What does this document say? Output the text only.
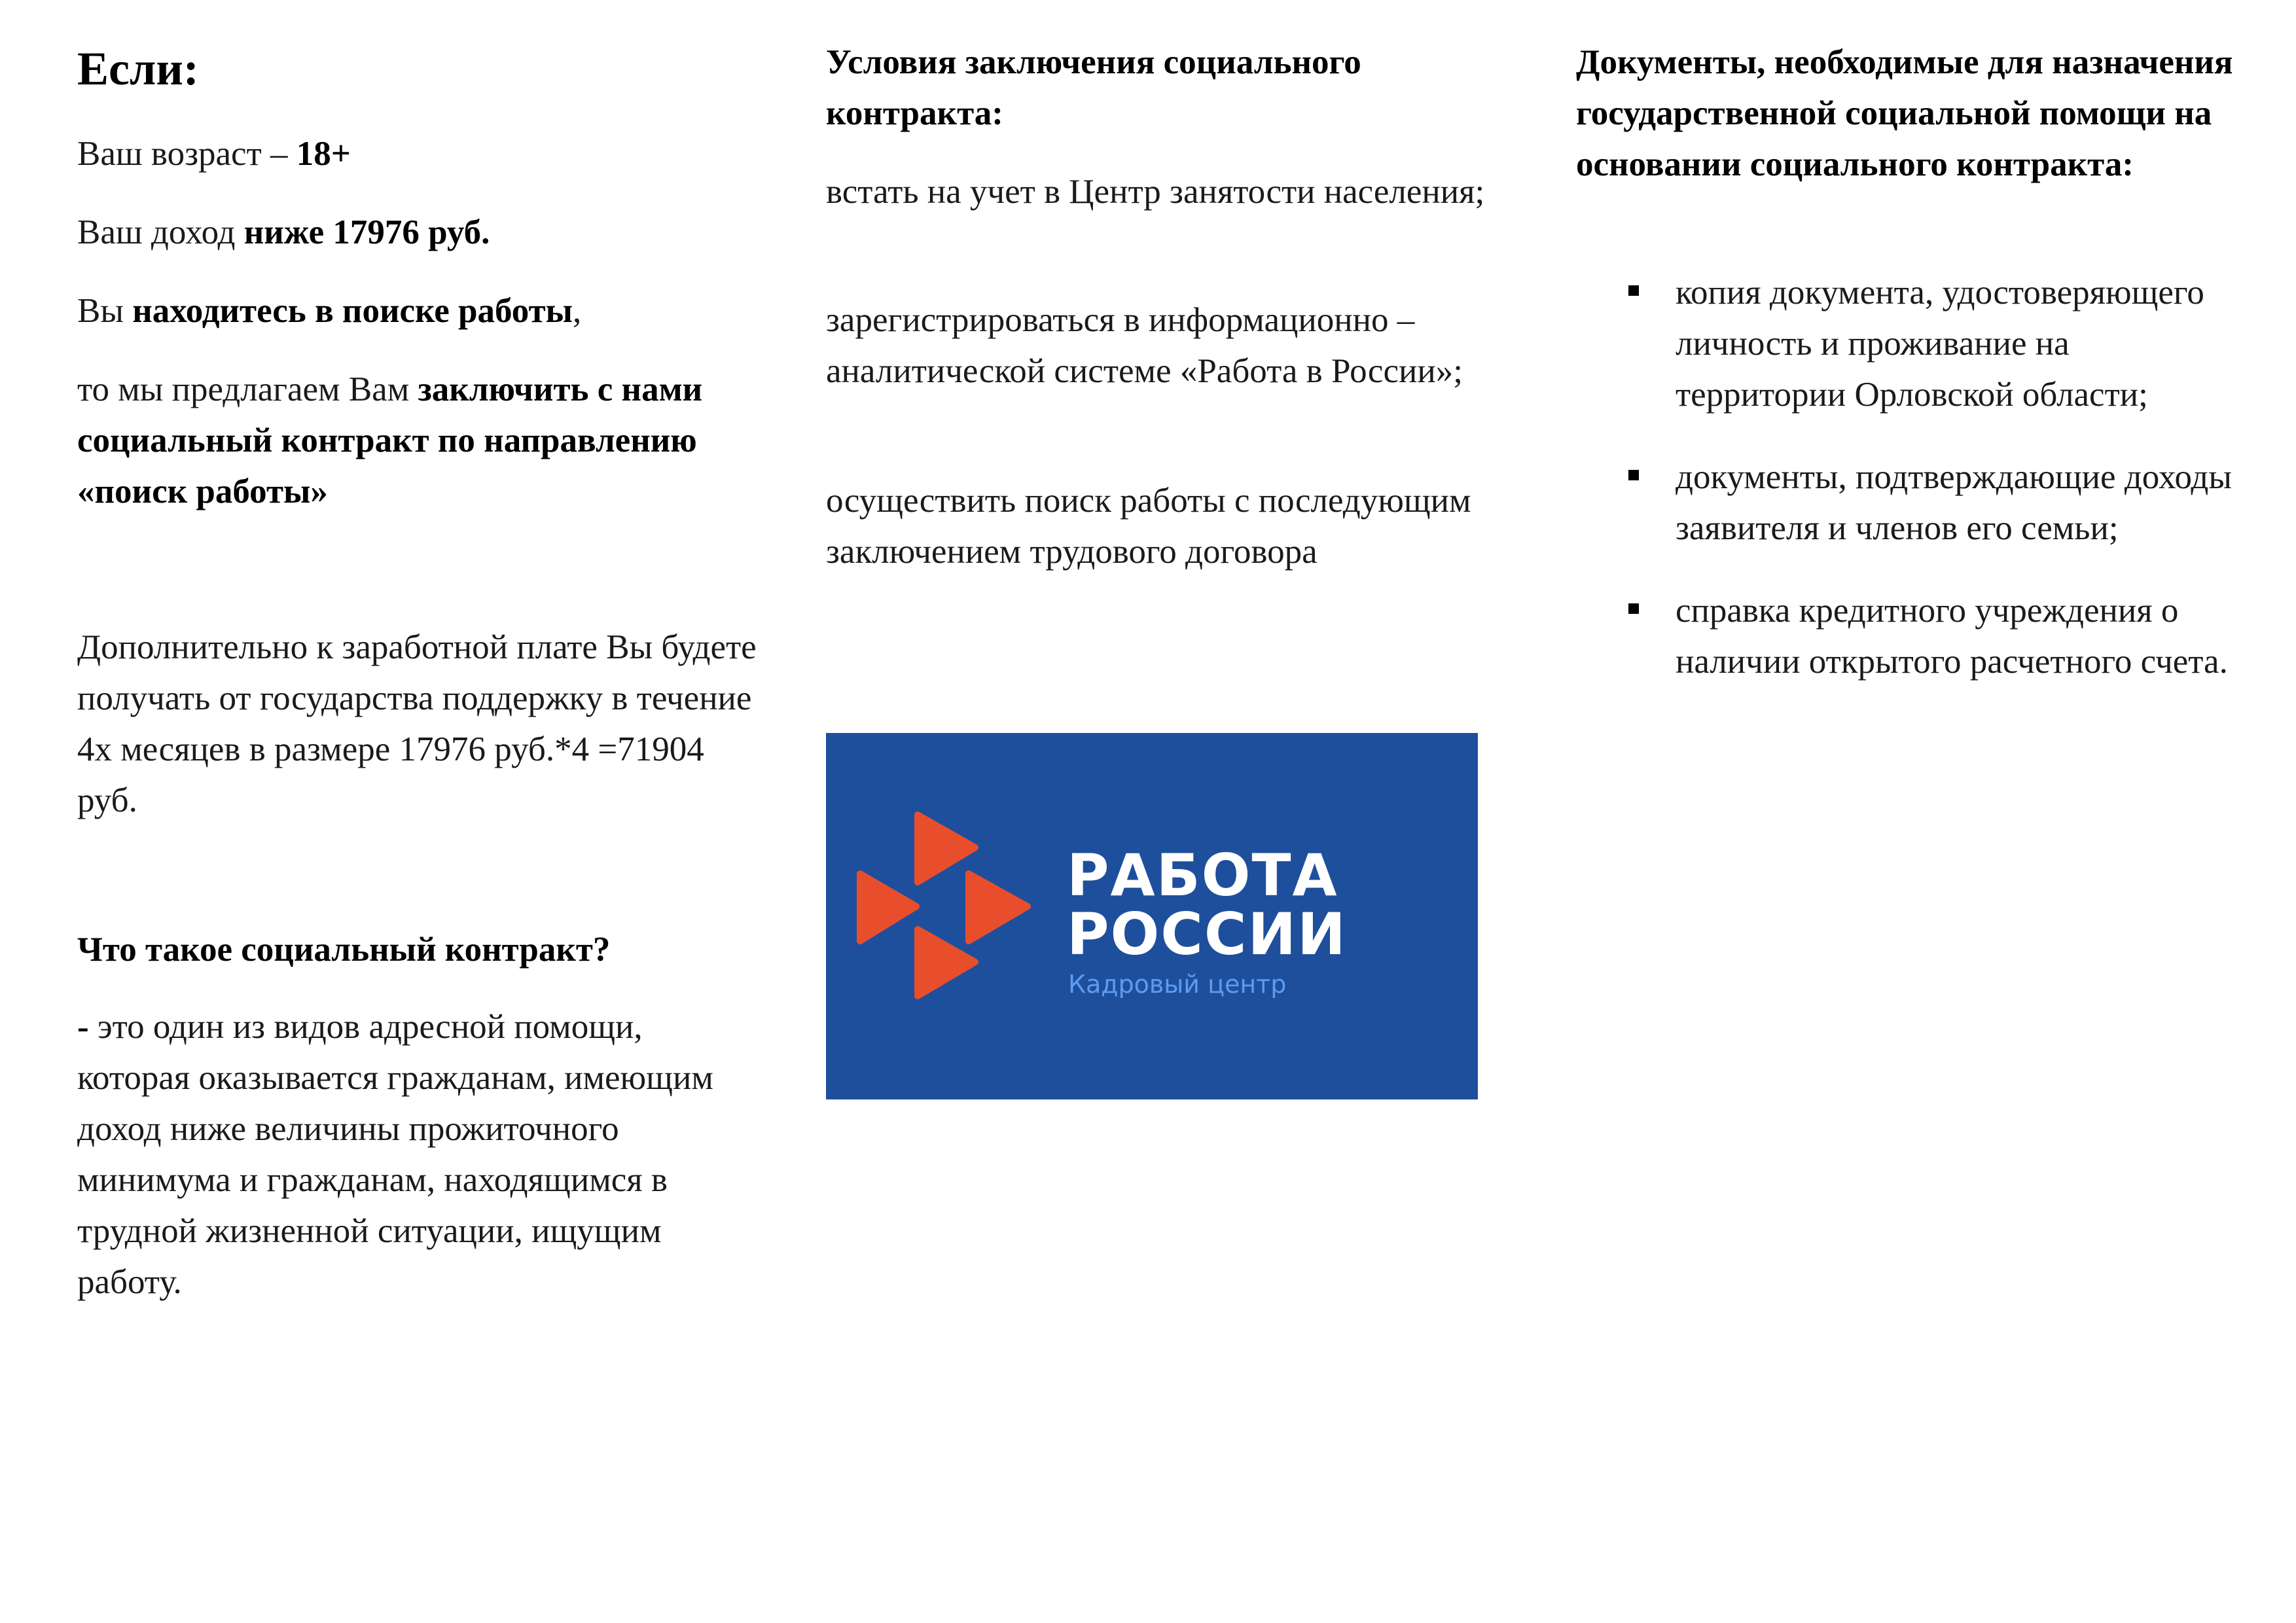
Если:

Ваш возраст – 18+

Ваш доход ниже 17976 руб.

Вы находитесь в поиске работы,

то мы предлагаем Вам заключить с нами социальный контракт по направлению «поиск работы»

Дополнительно к заработной плате Вы будете получать от государства поддержку в течение 4х месяцев в размере 17976 руб.*4 =71904 руб.

Что такое социальный контракт?

- это один из видов адресной помощи, которая оказывается гражданам, имеющим доход ниже величины прожиточного минимума и гражданам, находящимся в трудной жизненной ситуации, ищущим работу.

Условия заключения социального контракта:

встать на учет в Центр занятости населения;

зарегистрироваться в информационно – аналитической системе «Работа в России»;

осуществить поиск работы с последующим заключением трудового договора

РАБОТА
РОССИИ
Кадровый центр

Документы, необходимые для назначения государственной социальной помощи на основании социального контракта:

копия документа, удостоверяющего личность и проживание на территории Орловской области;
документы, подтверждающие доходы заявителя и членов его семьи;
справка кредитного учреждения о наличии открытого расчетного счета.
